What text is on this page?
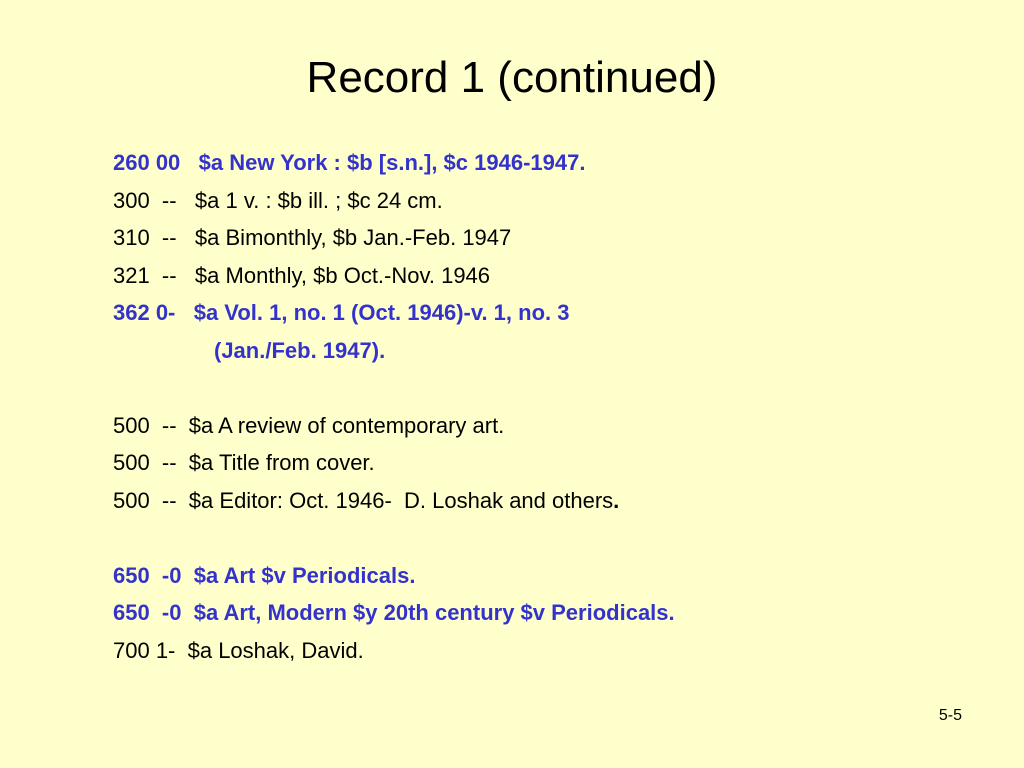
Record 1 (continued)
260 00   $a New York : $b [s.n.], $c 1946-1947.
300  --   $a 1 v. : $b ill. ; $c 24 cm.
310  --   $a Bimonthly, $b Jan.-Feb. 1947
321  --   $a Monthly, $b Oct.-Nov. 1946
362 0-   $a Vol. 1, no. 1 (Oct. 1946)-v. 1, no. 3
(Jan./Feb. 1947).
500  --  $a A review of contemporary art.
500  --  $a Title from cover.
500  --  $a Editor: Oct. 1946-  D. Loshak and others.
650  -0  $a Art $v Periodicals.
650  -0  $a Art, Modern $y 20th century $v Periodicals.
700 1-  $a Loshak, David.
5-5
